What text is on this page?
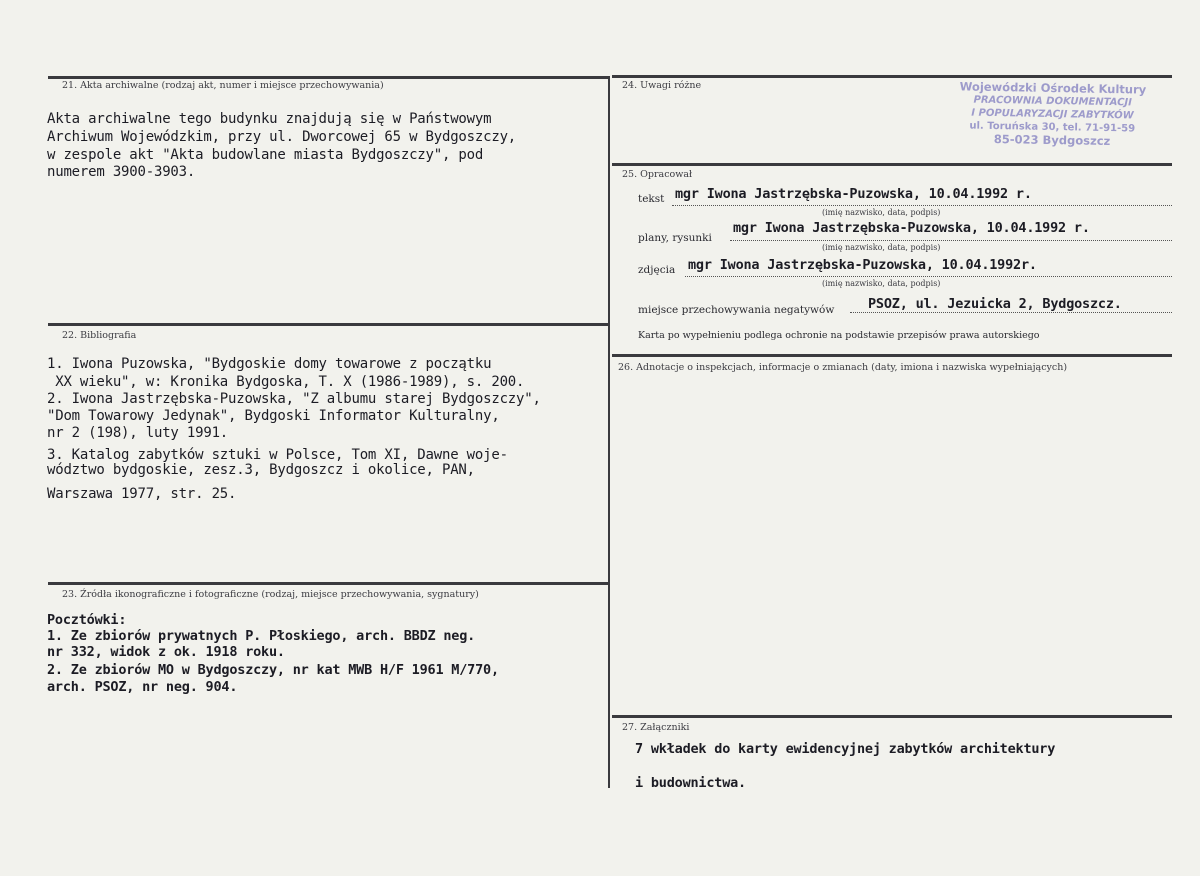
21. Akta archiwalne (rodzaj akt, numer i miejsce przechowywania)
Akta archiwalne tego budynku znajdują się w Państwowym
Archiwum Wojewódzkim, przy ul. Dworcowej 65 w Bydgoszczy,
w zespole akt "Akta budowlane miasta Bydgoszczy", pod
numerem 3900-3903.
22. Bibliografia
1. Iwona Puzowska, "Bydgoskie domy towarowe z początku
XX wieku", w: Kronika Bydgoska, T. X (1986-1989), s. 200.
2. Iwona Jastrzębska-Puzowska, "Z albumu starej Bydgoszczy",
"Dom Towarowy Jedynak", Bydgoski Informator Kulturalny,
nr 2 (198), luty 1991.
3. Katalog zabytków sztuki w Polsce, Tom XI, Dawne woje-
wództwo bydgoskie, zesz.3, Bydgoszcz i okolice, PAN,
Warszawa 1977, str. 25.
23. Źródła ikonograficzne i fotograficzne (rodzaj, miejsce przechowywania, sygnatury)
Pocztówki:
1. Ze zbiorów prywatnych P. Płoskiego, arch. BBDZ neg.
nr 332, widok z ok. 1918 roku.
2. Ze zbiorów MO w Bydgoszczy, nr kat MWB H/F 1961 M/770,
arch. PSOZ, nr neg. 904.
24. Uwagi różne	Wojewódzki Ośrodek Kultury
PRACOWNIA DOKUMENTACJI
I POPULARYZACJI ZABYTKÓW
ul. Toruńska 30, tel. 71-91-59
85-023 Bydgoszcz
25. Opracował
tekst mgr Iwona Jastrzębska-Puzowska, 10.04.1992 r.
(imię nazwisko, data, podpis)
plany, rysunki
mgr Iwona Jastrzębska-Puzowska, 10.04.1992 r.
(imię nazwisko, data, podpis)
zdjęcia mgr Iwona Jastrzębska-Puzowska, 10.04.1992r.
(imię nazwisko, data, podpis)
miejsce przechowywania negatywów PSOZ, ul. Jezuicka 2, Bydgoszcz.
Karta po wypełnieniu podlega ochronie na podstawie przepisów prawa autorskiego
26. Adnotacje o inspekcjach, informacje o zmianach (daty, imiona i nazwiska wypełniających)
27. Załączniki
7 wkładek do karty ewidencyjnej zabytków architektury
i budownictwa.
